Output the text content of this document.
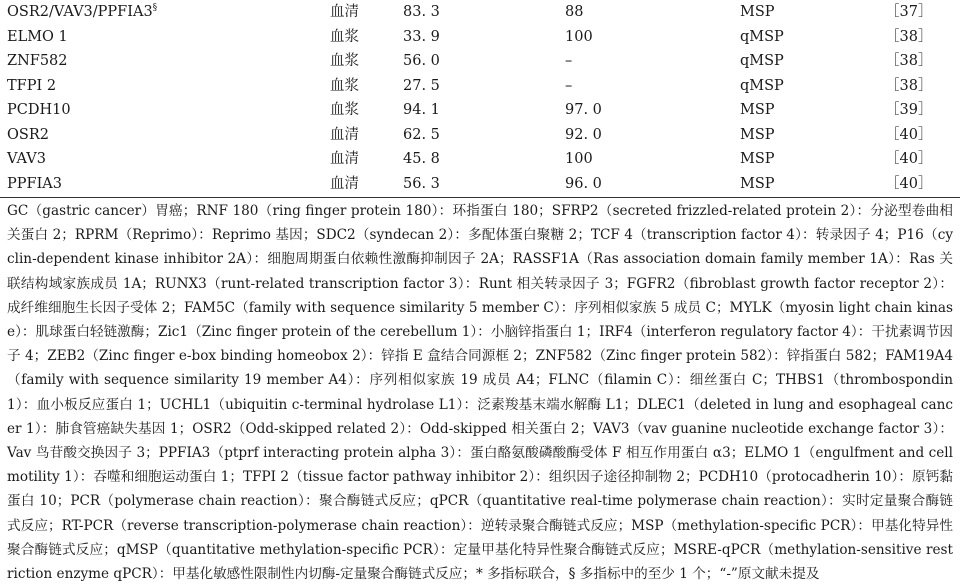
OSR2/VAV3/PPFIA3§	血清	83. 3	88	MSP	［37］
ELMO 1	血浆	33. 9	100	qMSP	［38］
ZNF582	血浆	56. 0	–	qMSP	［38］
TFPI 2	血浆	27. 5	–	qMSP	［38］
PCDH10	血浆	94. 1	97. 0	MSP	［39］
OSR2	血清	62. 5	92. 0	MSP	［40］
VAV3	血清	45. 8	100	MSP	［40］
PPFIA3	血清	56. 3	96. 0	MSP	［40］
GC（gastric cancer）胃癌；RNF 180（ring finger protein 180）：环指蛋白 180；SFRP2（secreted frizzled-related protein 2）：分泌型卷曲相关蛋白 2；RPRM（Reprimo）：Reprimo 基因；SDC2（syndecan 2）：多配体蛋白聚糖 2；TCF 4（transcription factor 4）：转录因子 4；P16（cyclin-dependent kinase inhibitor 2A）：细胞周期蛋白依赖性激酶抑制因子 2A；RASSF1A（Ras association domain family member 1A）：Ras 关联结构域家族成员 1A；RUNX3（runt-related transcription factor 3）：Runt 相关转录因子 3；FGFR2（fibroblast growth factor receptor 2）：成纤维细胞生长因子受体 2；FAM5C（family with sequence similarity 5 member C）：序列相似家族 5 成员 C；MYLK（myosin light chain kinase）：肌球蛋白轻链激酶；Zic1（Zinc finger protein of the cerebellum 1）：小脑锌指蛋白 1；IRF4（interferon regulatory factor 4）：干扰素调节因子 4；ZEB2（Zinc finger e-box binding homeobox 2）：锌指 E 盒结合同源框 2；ZNF582（Zinc finger protein 582）：锌指蛋白 582；FAM19A4（family with sequence similarity 19 member A4）：序列相似家族 19 成员 A4；FLNC（filamin C）：细丝蛋白 C；THBS1（thrombospondin 1）：血小板反应蛋白 1；UCHL1（ubiquitin c-terminal hydrolase L1）：泛素羧基末端水解酶 L1；DLEC1（deleted in lung and esophageal cancer 1）：肺食管癌缺失基因 1；OSR2（Odd-skipped related 2）：Odd-skipped 相关蛋白 2；VAV3（vav guanine nucleotide exchange factor 3）：Vav 鸟苷酸交换因子 3；PPFIA3（ptprf interacting protein alpha 3）：蛋白酪氨酸磷酸酶受体 F 相互作用蛋白 α3；ELMO 1（engulfment and cell motility 1）：吞噬和细胞运动蛋白 1；TFPI 2（tissue factor pathway inhibitor 2）：组织因子途径抑制物 2；PCDH10（protocadherin 10）：原钙黏蛋白 10；PCR（polymerase chain reaction）：聚合酶链式反应；qPCR（quantitative real-time polymerase chain reaction）：实时定量聚合酶链式反应；RT-PCR（reverse transcription-polymerase chain reaction）：逆转录聚合酶链式反应；MSP（methylation-specific PCR）：甲基化特异性聚合酶链式反应；qMSP（quantitative methylation-specific PCR）：定量甲基化特异性聚合酶链式反应；MSRE-qPCR（methylation-sensitive restriction enzyme qPCR）：甲基化敏感性限制性内切酶-定量聚合酶链式反应；* 多指标联合，§ 多指标中的至少 1 个；“-”原文献未提及
